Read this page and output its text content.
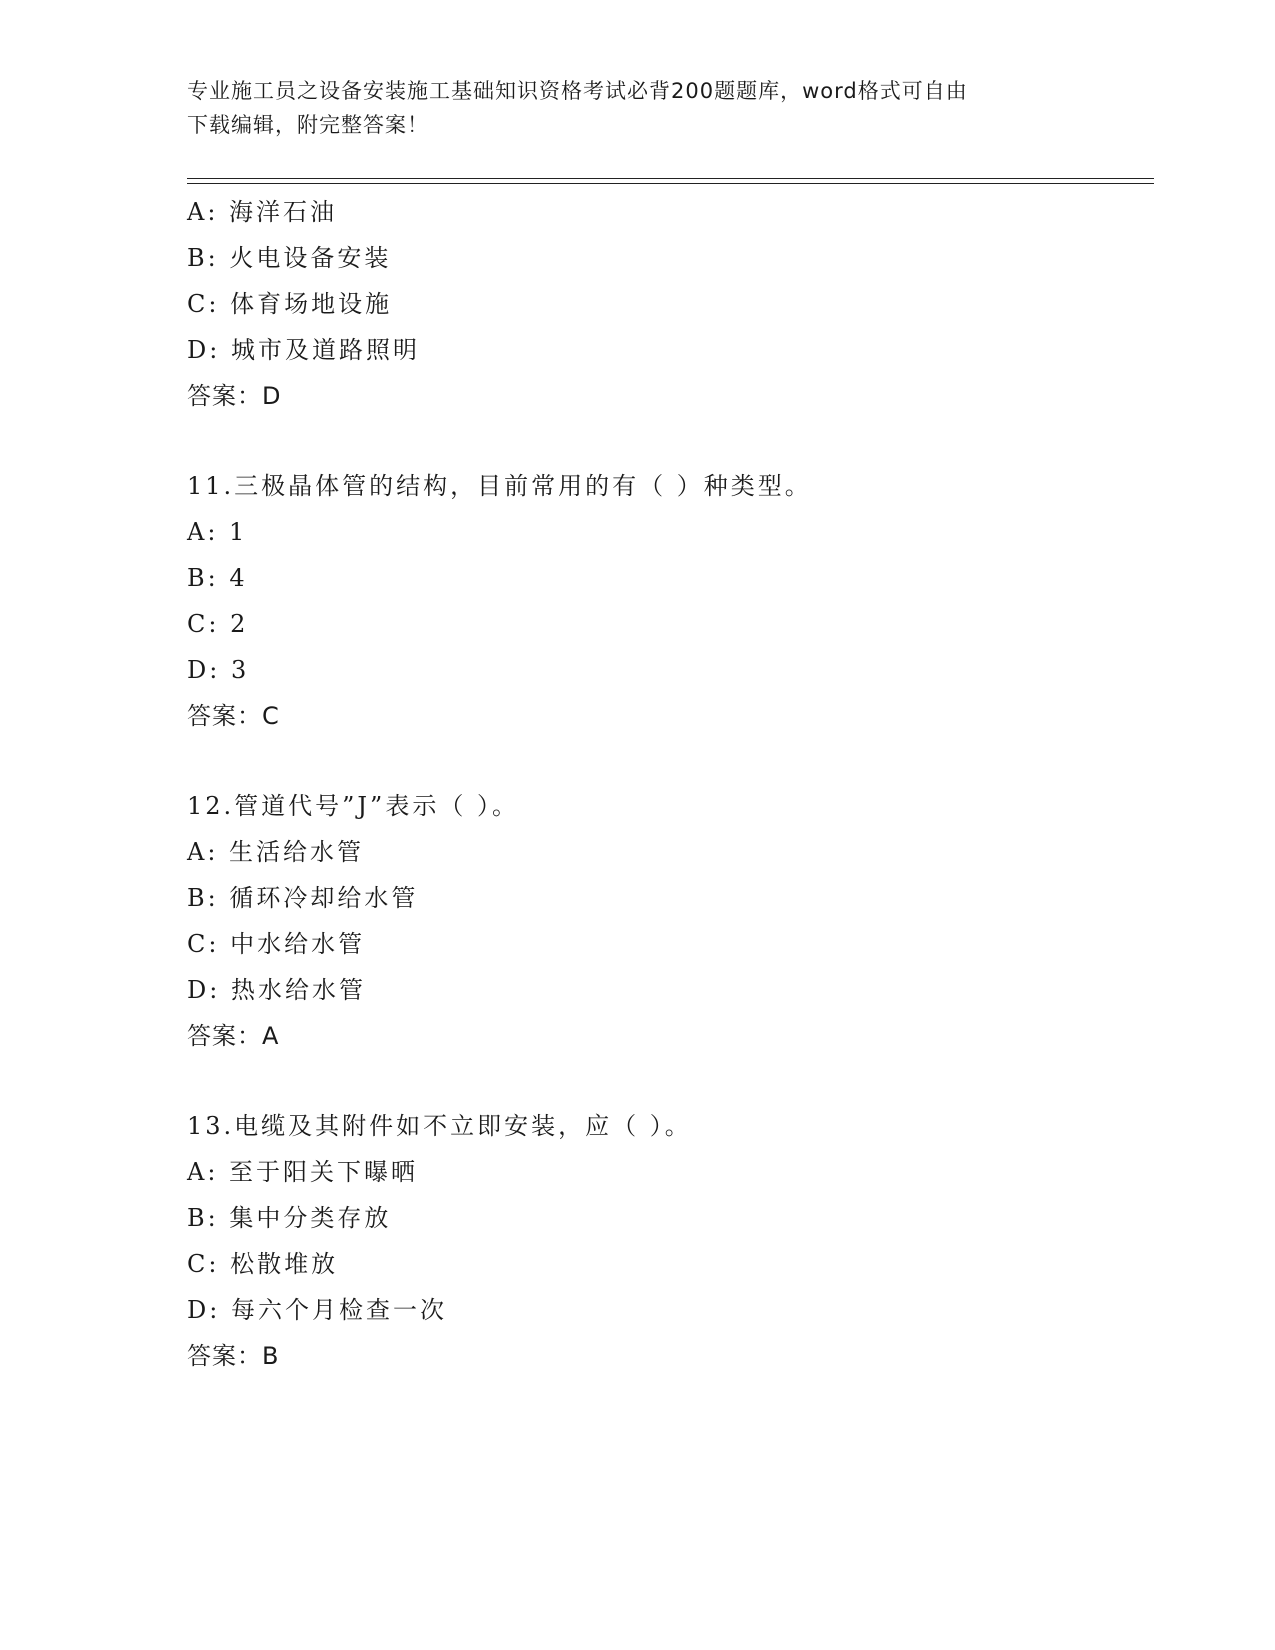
专业施工员之设备安装施工基础知识资格考试必背200题题库，word格式可自由
下载编辑，附完整答案！
A: 海洋石油
B: 火电设备安装
C: 体育场地设施
D: 城市及道路照明
答案：D
11.三极晶体管的结构，目前常用的有（ ）种类型。
A: 1
B: 4
C: 2
D: 3
答案：C
12.管道代号”J”表示（ ）。
A: 生活给水管
B: 循环冷却给水管
C: 中水给水管
D: 热水给水管
答案：A
13.电缆及其附件如不立即安装，应（ ）。
A: 至于阳关下曝晒
B: 集中分类存放
C: 松散堆放
D: 每六个月检查一次
答案：B
